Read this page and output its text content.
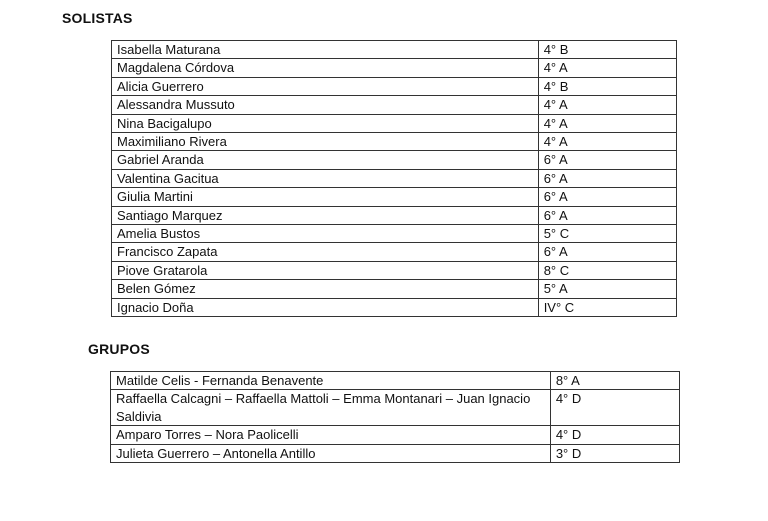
SOLISTAS
Isabella Maturana	4° B
Magdalena Córdova	4° A
Alicia Guerrero	4° B
Alessandra Mussuto	4° A
Nina Bacigalupo	4° A
Maximiliano Rivera	4° A
Gabriel Aranda	6° A
Valentina Gacitua	6° A
Giulia Martini	6° A
Santiago Marquez	6° A
Amelia Bustos	5° C
Francisco Zapata	6° A
Piove Gratarola	8° C
Belen Gómez	5° A
Ignacio Doña	IV° C
GRUPOS
Matilde Celis - Fernanda Benavente	8° A
Raffaella Calcagni – Raffaella Mattoli – Emma Montanari – Juan Ignacio Saldivia	4° D
Amparo Torres – Nora Paolicelli	4° D
Julieta Guerrero – Antonella Antillo	3° D
